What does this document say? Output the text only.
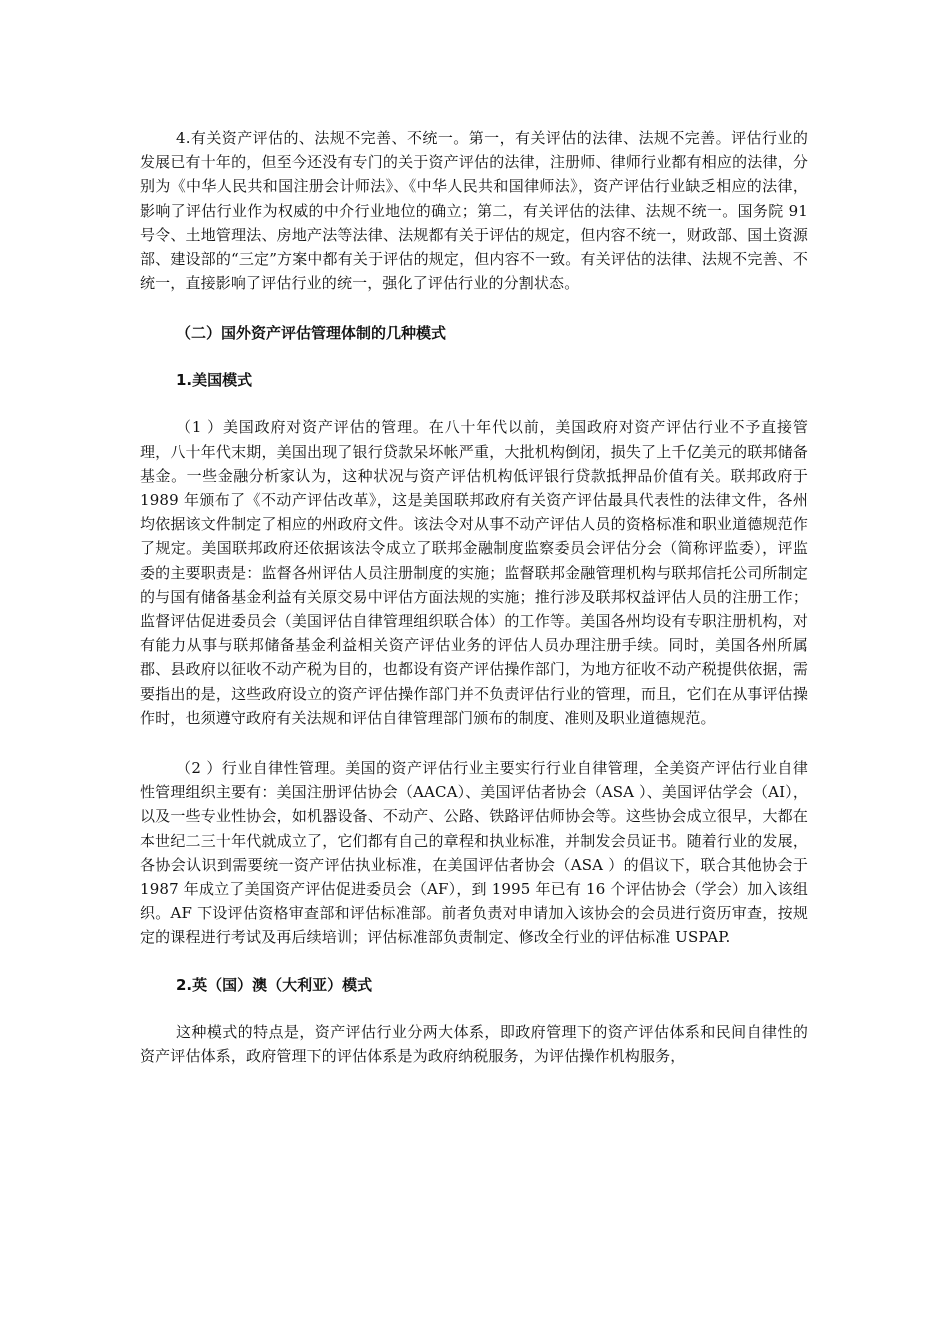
4.有关资产评估的、法规不完善、不统一。第一，有关评估的法律、法规不完善。评估行业的发展已有十年的，但至今还没有专门的关于资产评估的法律，注册师、律师行业都有相应的法律，分别为《中华人民共和国注册会计师法》、《中华人民共和国律师法》，资产评估行业缺乏相应的法律，影响了评估行业作为权威的中介行业地位的确立；第二，有关评估的法律、法规不统一。国务院 91 号令、土地管理法、房地产法等法律、法规都有关于评估的规定，但内容不统一，财政部、国土资源部、建设部的“三定”方案中都有关于评估的规定，但内容不一致。有关评估的法律、法规不完善、不统一，直接影响了评估行业的统一，强化了评估行业的分割状态。

（二）国外资产评估管理体制的几种模式

1.美国模式

（1 ）美国政府对资产评估的管理。在八十年代以前，美国政府对资产评估行业不予直接管理，八十年代末期，美国出现了银行贷款呆坏帐严重，大批机构倒闭，损失了上千亿美元的联邦储备基金。一些金融分析家认为，这种状况与资产评估机构低评银行贷款抵押品价值有关。联邦政府于 1989 年颁布了《不动产评估改革》，这是美国联邦政府有关资产评估最具代表性的法律文件，各州均依据该文件制定了相应的州政府文件。该法令对从事不动产评估人员的资格标准和职业道德规范作了规定。美国联邦政府还依据该法令成立了联邦金融制度监察委员会评估分会（简称评监委），评监委的主要职责是：监督各州评估人员注册制度的实施；监督联邦金融管理机构与联邦信托公司所制定的与国有储备基金利益有关原交易中评估方面法规的实施；推行涉及联邦权益评估人员的注册工作；监督评估促进委员会（美国评估自律管理组织联合体）的工作等。美国各州均设有专职注册机构，对有能力从事与联邦储备基金利益相关资产评估业务的评估人员办理注册手续。同时，美国各州所属郡、县政府以征收不动产税为目的，也都设有资产评估操作部门，为地方征收不动产税提供依据，需要指出的是，这些政府设立的资产评估操作部门并不负责评估行业的管理，而且，它们在从事评估操作时，也须遵守政府有关法规和评估自律管理部门颁布的制度、准则及职业道德规范。

（2 ）行业自律性管理。美国的资产评估行业主要实行行业自律管理，全美资产评估行业自律性管理组织主要有：美国注册评估协会（AACA）、美国评估者协会（ASA ）、美国评估学会（AI），以及一些专业性协会，如机器设备、不动产、公路、铁路评估师协会等。这些协会成立很早，大都在本世纪二三十年代就成立了，它们都有自己的章程和执业标准，并制发会员证书。随着行业的发展，各协会认识到需要统一资产评估执业标准，在美国评估者协会（ASA ）的倡议下，联合其他协会于 1987 年成立了美国资产评估促进委员会（AF），到 1995 年已有 16 个评估协会（学会）加入该组织。AF 下设评估资格审查部和评估标准部。前者负责对申请加入该协会的会员进行资历审查，按规定的课程进行考试及再后续培训；评估标准部负责制定、修改全行业的评估标准 USPAP.

2.英（国）澳（大利亚）模式

这种模式的特点是，资产评估行业分两大体系，即政府管理下的资产评估体系和民间自律性的资产评估体系，政府管理下的评估体系是为政府纳税服务，为评估操作机构服务，
